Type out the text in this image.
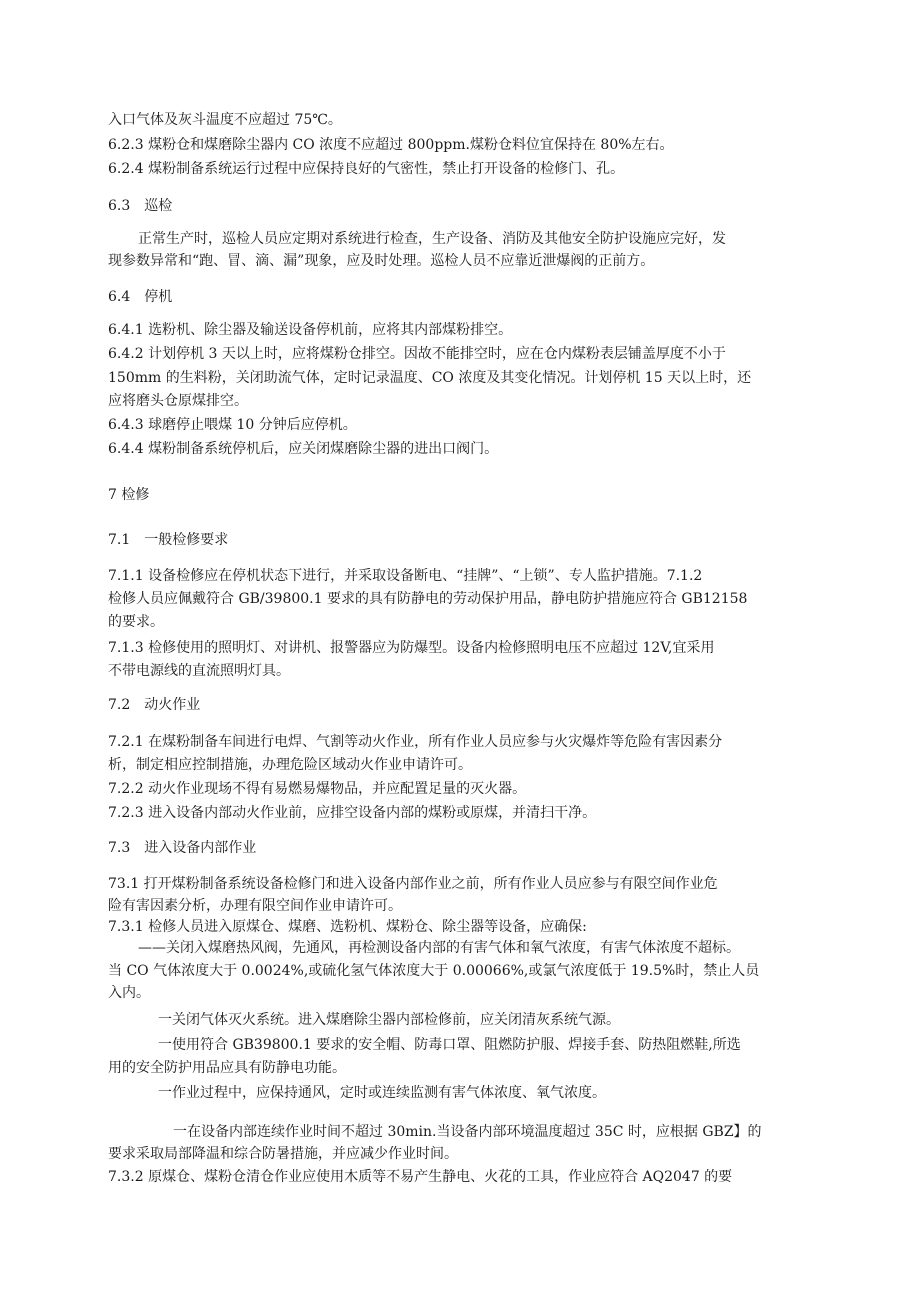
入口气体及灰斗温度不应超过 75℃。
6.2.3 煤粉仓和煤磨除尘器内 CO 浓度不应超过 800ppm.煤粉仓料位宜保持在 80%左右。
6.2.4 煤粉制备系统运行过程中应保持良好的气密性，禁止打开设备的检修门、孔。
6.3　巡检
正常生产时，巡检人员应定期对系统进行检查，生产设备、消防及其他安全防护设施应完好，发
现参数异常和“跑、冒、滴、漏”现象，应及时处理。巡检人员不应靠近泄爆阀的正前方。
6.4　停机
6.4.1 选粉机、除尘器及输送设备停机前，应将其内部煤粉排空。
6.4.2 计划停机 3 天以上时，应将煤粉仓排空。因故不能排空时，应在仓内煤粉表层铺盖厚度不小于
150mm 的生料粉，关闭助流气体，定时记录温度、CO 浓度及其变化情况。计划停机 15 天以上时，还
应将磨头仓原煤排空。
6.4.3 球磨停止喂煤 10 分钟后应停机。
6.4.4 煤粉制备系统停机后，应关闭煤磨除尘器的进出口阀门。
7 检修
7.1　一般检修要求
7.1.1 设备检修应在停机状态下进行，并采取设备断电、“挂牌”、“上锁”、专人监护措施。7.1.2
检修人员应佩戴符合 GB/39800.1 要求的具有防静电的劳动保护用品，静电防护措施应符合 GB12158
的要求。
7.1.3 检修使用的照明灯、对讲机、报警器应为防爆型。设备内检修照明电压不应超过 12V,宜采用
不带电源线的直流照明灯具。
7.2　动火作业
7.2.1 在煤粉制备车间进行电焊、气割等动火作业，所有作业人员应参与火灾爆炸等危险有害因素分
析，制定相应控制措施，办理危险区域动火作业申请许可。
7.2.2 动火作业现场不得有易燃易爆物品，并应配置足量的灭火器。
7.2.3 进入设备内部动火作业前，应排空设备内部的煤粉或原煤，并清扫干净。
7.3　进入设备内部作业
73.1 打开煤粉制备系统设备检修门和进入设备内部作业之前，所有作业人员应参与有限空间作业危
险有害因素分析，办理有限空间作业申请许可。
7.3.1 检修人员进入原煤仓、煤磨、选粉机、煤粉仓、除尘器等设备，应确保:
——关闭入煤磨热风阀，先通风，再检测设备内部的有害气体和氧气浓度，有害气体浓度不超标。
当 CO 气体浓度大于 0.0024%,或硫化氢气体浓度大于 0.00066%,或氯气浓度低于 19.5%时，禁止人员
入内。
一关闭气体灭火系统。进入煤磨除尘器内部检修前，应关闭清灰系统气源。
一使用符合 GB39800.1 要求的安全帽、防毒口罩、阻燃防护服、焊接手套、防热阻燃鞋,所选
用的安全防护用品应具有防静电功能。
一作业过程中，应保持通风，定时或连续监测有害气体浓度、氧气浓度。
一在设备内部连续作业时间不超过 30min.当设备内部环境温度超过 35C 时，应根据 GBZ】的
要求采取局部降温和综合防暑措施，并应减少作业时间。
7.3.2 原煤仓、煤粉仓清仓作业应使用木质等不易产生静电、火花的工具，作业应符合 AQ2047 的要
